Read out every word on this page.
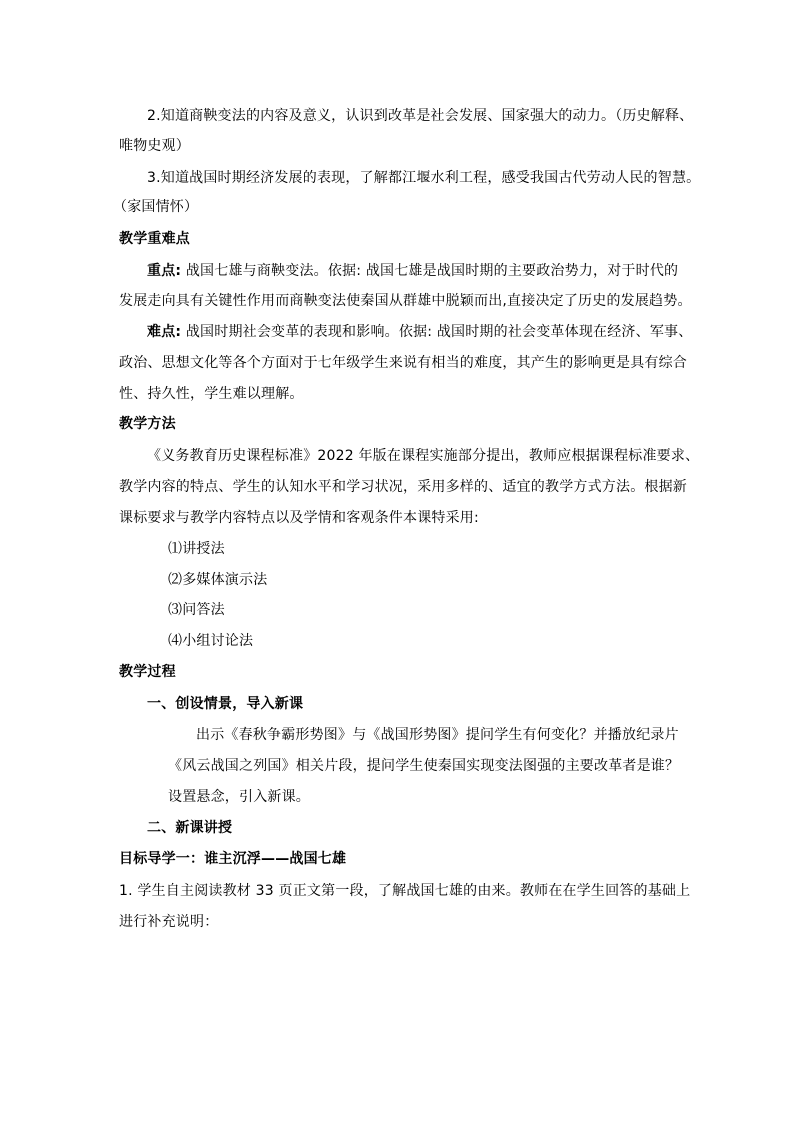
2.知道商鞅变法的内容及意义，认识到改革是社会发展、国家强大的动力。（历史解释、
唯物史观）
3.知道战国时期经济发展的表现，了解都江堰水利工程，感受我国古代劳动人民的智慧。
（家国情怀）
教学重难点
重点: 战国七雄与商鞅变法。依据: 战国七雄是战国时期的主要政治势力，对于时代的
发展走向具有关键性作用而商鞅变法使秦国从群雄中脱颖而出,直接决定了历史的发展趋势。
难点: 战国时期社会变革的表现和影响。依据: 战国时期的社会变革体现在经济、军事、
政治、思想文化等各个方面对于七年级学生来说有相当的难度，其产生的影响更是具有综合
性、持久性，学生难以理解。
教学方法
《义务教育历史课程标准》2022 年版在课程实施部分提出，教师应根据课程标准要求、
教学内容的特点、学生的认知水平和学习状况，采用多样的、适宜的教学方式方法。根据新
课标要求与教学内容特点以及学情和客观条件本课特采用:
⑴讲授法
⑵多媒体演示法
⑶问答法
⑷小组讨论法
教学过程
一、创设情景，导入新课
出示《春秋争霸形势图》与《战国形势图》提问学生有何变化？并播放纪录片
《风云战国之列国》相关片段，提问学生使秦国实现变法图强的主要改革者是谁？
设置悬念，引入新课。
二、新课讲授
目标导学一：谁主沉浮——战国七雄
1. 学生自主阅读教材 33 页正文第一段，了解战国七雄的由来。教师在在学生回答的基础上
进行补充说明：
